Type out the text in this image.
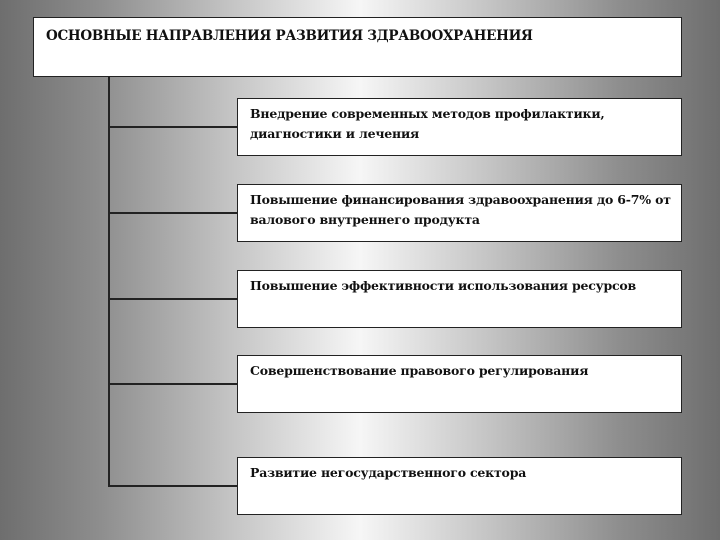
ОСНОВНЫЕ НАПРАВЛЕНИЯ РАЗВИТИЯ ЗДРАВООХРАНЕНИЯ
Внедрение современных методов профилактики, диагностики и лечения
Повышение финансирования здравоохранения до 6-7% от валового внутреннего продукта
Повышение эффективности использования ресурсов
Совершенствование правового регулирования
Развитие негосударственного сектора
